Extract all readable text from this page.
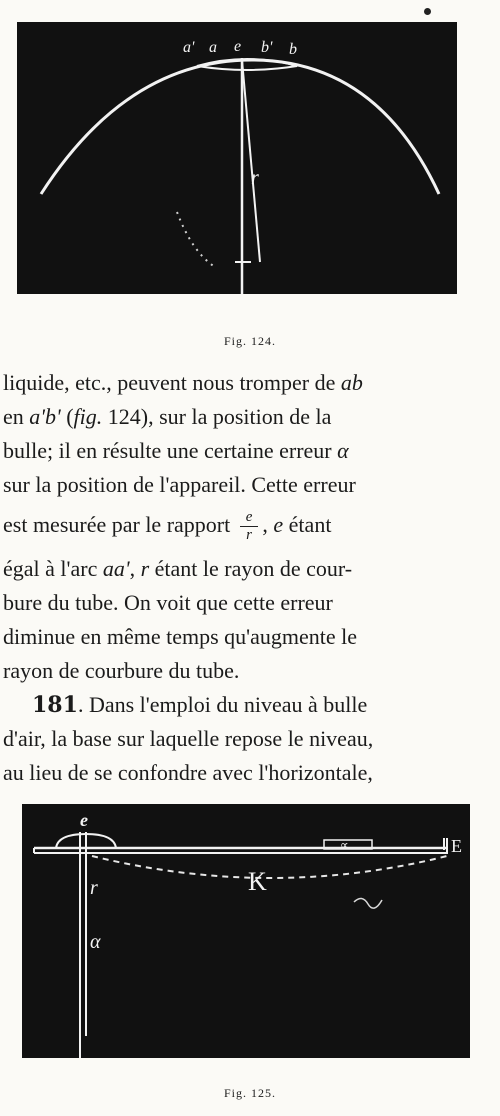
a' a e b' b
r
Fig. 124.
liquide, etc., peuvent nous tromper de ab
en a'b' (fig. 124), sur la position de la
bulle; il en résulte une certaine erreur α
sur la position de l'appareil. Cette erreur
est mesurée par le rapport $\frac{e}{r}$ , e étant
égal à l'arc aa', r étant le rayon de cour-
bure du tube. On voit que cette erreur
diminue en même temps qu'augmente le
rayon de courbure du tube.
181. Dans l'emploi du niveau à bulle
d'air, la base sur laquelle repose le niveau,
au lieu de se confondre avec l'horizontale,
e
r
α
∝
K
E
Fig. 125.
